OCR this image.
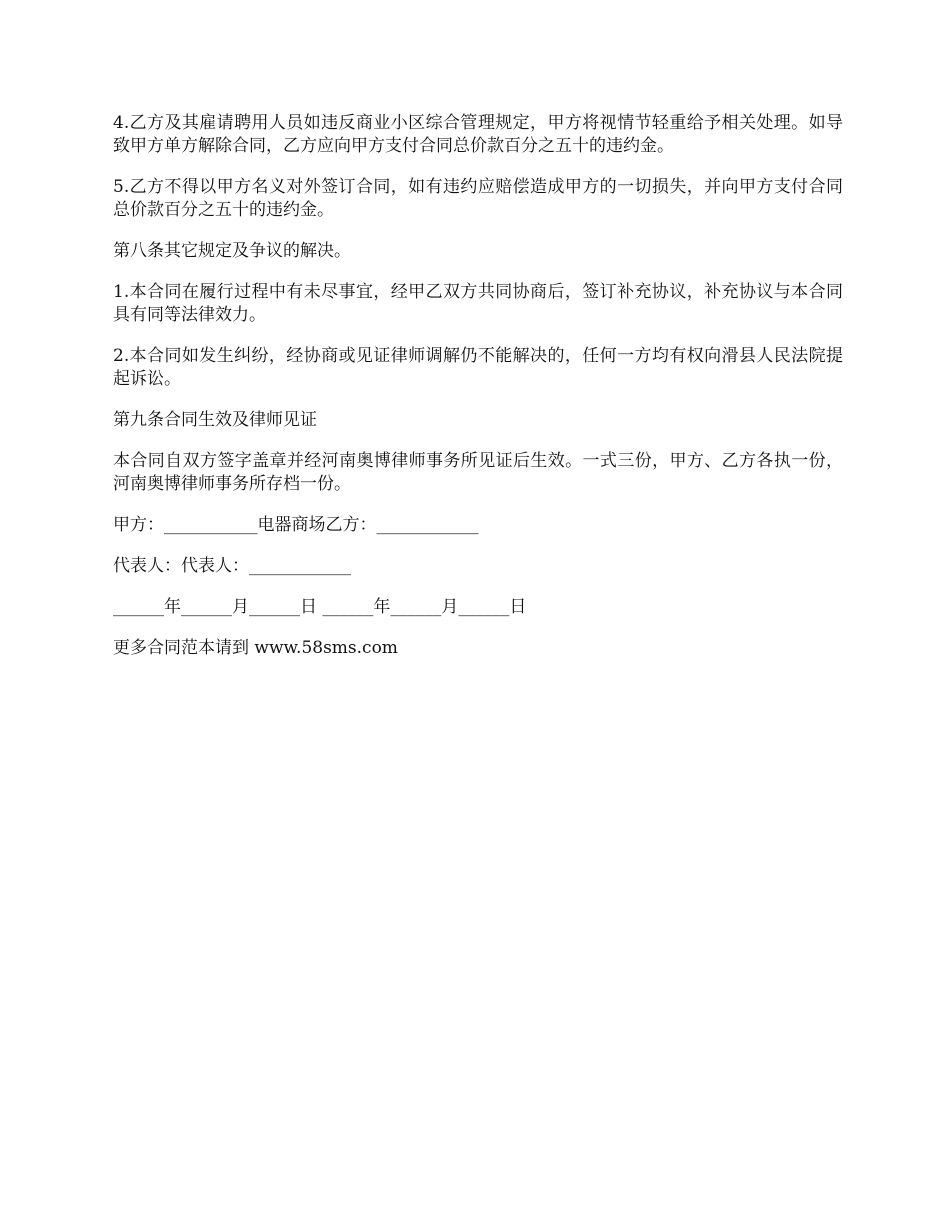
4.乙方及其雇请聘用人员如违反商业小区综合管理规定，甲方将视情节轻重给予相关处理。如导致甲方单方解除合同，乙方应向甲方支付合同总价款百分之五十的违约金。

5.乙方不得以甲方名义对外签订合同，如有违约应赔偿造成甲方的一切损失，并向甲方支付合同总价款百分之五十的违约金。

第八条其它规定及争议的解决。

1.本合同在履行过程中有未尽事宜，经甲乙双方共同协商后，签订补充协议，补充协议与本合同具有同等法律效力。

2.本合同如发生纠纷，经协商或见证律师调解仍不能解决的，任何一方均有权向滑县人民法院提起诉讼。

第九条合同生效及律师见证

本合同自双方签字盖章并经河南奥博律师事务所见证后生效。一式三份，甲方、乙方各执一份，河南奥博律师事务所存档一份。

甲方：___________电器商场乙方：____________

代表人：代表人：____________

______年______月______日 ______年______月______日

更多合同范本请到 www.58sms.com
